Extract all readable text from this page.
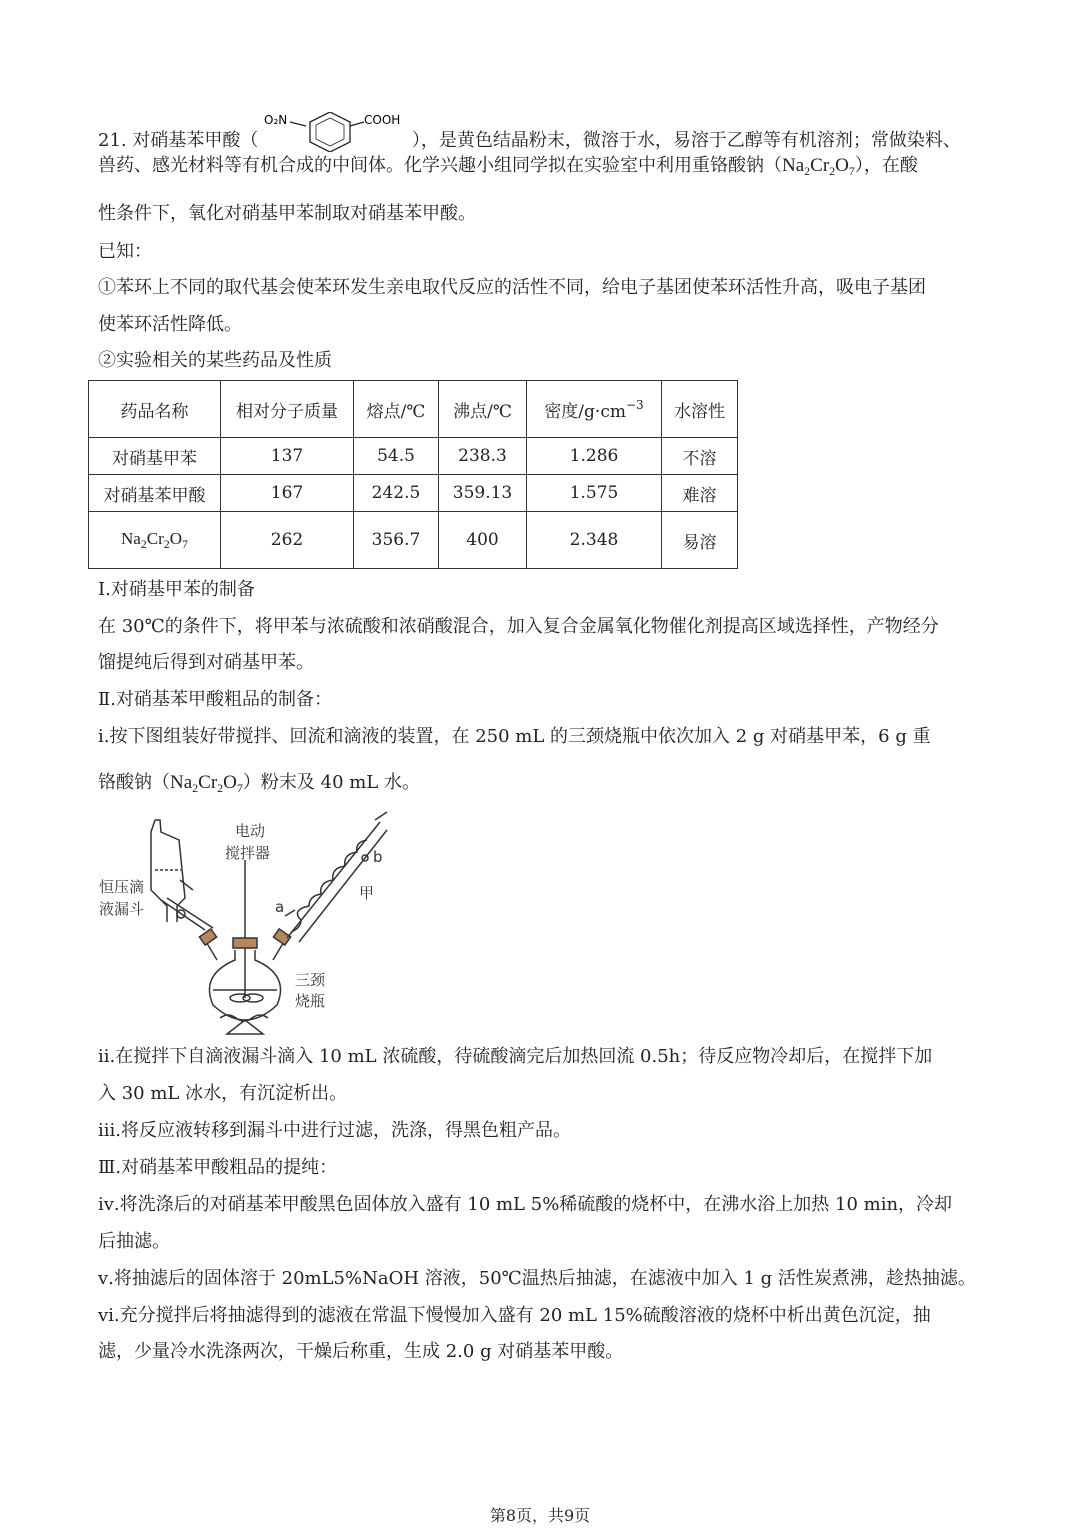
21. 对硝基苯甲酸（
O₂N	COOH
），是黄色结晶粉末，微溶于水，易溶于乙醇等有机溶剂；常做染料、
兽药、感光材料等有机合成的中间体。化学兴趣小组同学拟在实验室中利用重铬酸钠$(Na_2Cr_2O_7)$，在酸
性条件下，氧化对硝基甲苯制取对硝基苯甲酸。
已知：
①苯环上不同的取代基会使苯环发生亲电取代反应的活性不同，给电子基团使苯环活性升高，吸电子基团
使苯环活性降低。
②实验相关的某些药品及性质
药品名称	相对分子质量	熔点/℃	沸点/℃	密度$/g\cdot cm^{-3}$	水溶性
对硝基甲苯	137	54.5	238.3	1.286	不溶
对硝基苯甲酸	167	242.5	359.13	1.575	难溶
$Na_2Cr_2O_7$	262	356.7	400	2.348	易溶
Ⅰ.对硝基甲苯的制备
在 30℃的条件下，将甲苯与浓硫酸和浓硝酸混合，加入复合金属氧化物催化剂提高区域选择性，产物经分
馏提纯后得到对硝基甲苯。
Ⅱ.对硝基苯甲酸粗品的制备：
ⅰ.按下图组装好带搅拌、回流和滴液的装置，在 250 mL 的三颈烧瓶中依次加入 2 g 对硝基甲苯，6 g 重
铬酸钠$(Na_2Cr_2O_7)$粉末及 40 mL 水。
电动
搅拌器
恒压滴
液漏斗	a
b
甲
三颈
烧瓶
ⅱ.在搅拌下自滴液漏斗滴入 10 mL 浓硫酸，待硫酸滴完后加热回流 0.5h；待反应物冷却后，在搅拌下加
入 30 mL 冰水，有沉淀析出。
ⅲ.将反应液转移到漏斗中进行过滤，洗涤，得黑色粗产品。
Ⅲ.对硝基苯甲酸粗品的提纯：
ⅳ.将洗涤后的对硝基苯甲酸黑色固体放入盛有 10 mL 5%稀硫酸的烧杯中，在沸水浴上加热 10 min，冷却
后抽滤。
ⅴ.将抽滤后的固体溶于 20mL5%NaOH 溶液，50℃温热后抽滤，在滤液中加入 1 g 活性炭煮沸，趁热抽滤。
ⅵ.充分搅拌后将抽滤得到的滤液在常温下慢慢加入盛有 20 mL 15%硫酸溶液的烧杯中析出黄色沉淀，抽
滤，少量冷水洗涤两次，干燥后称重，生成 2.0 g 对硝基苯甲酸。
第8页，共9页
